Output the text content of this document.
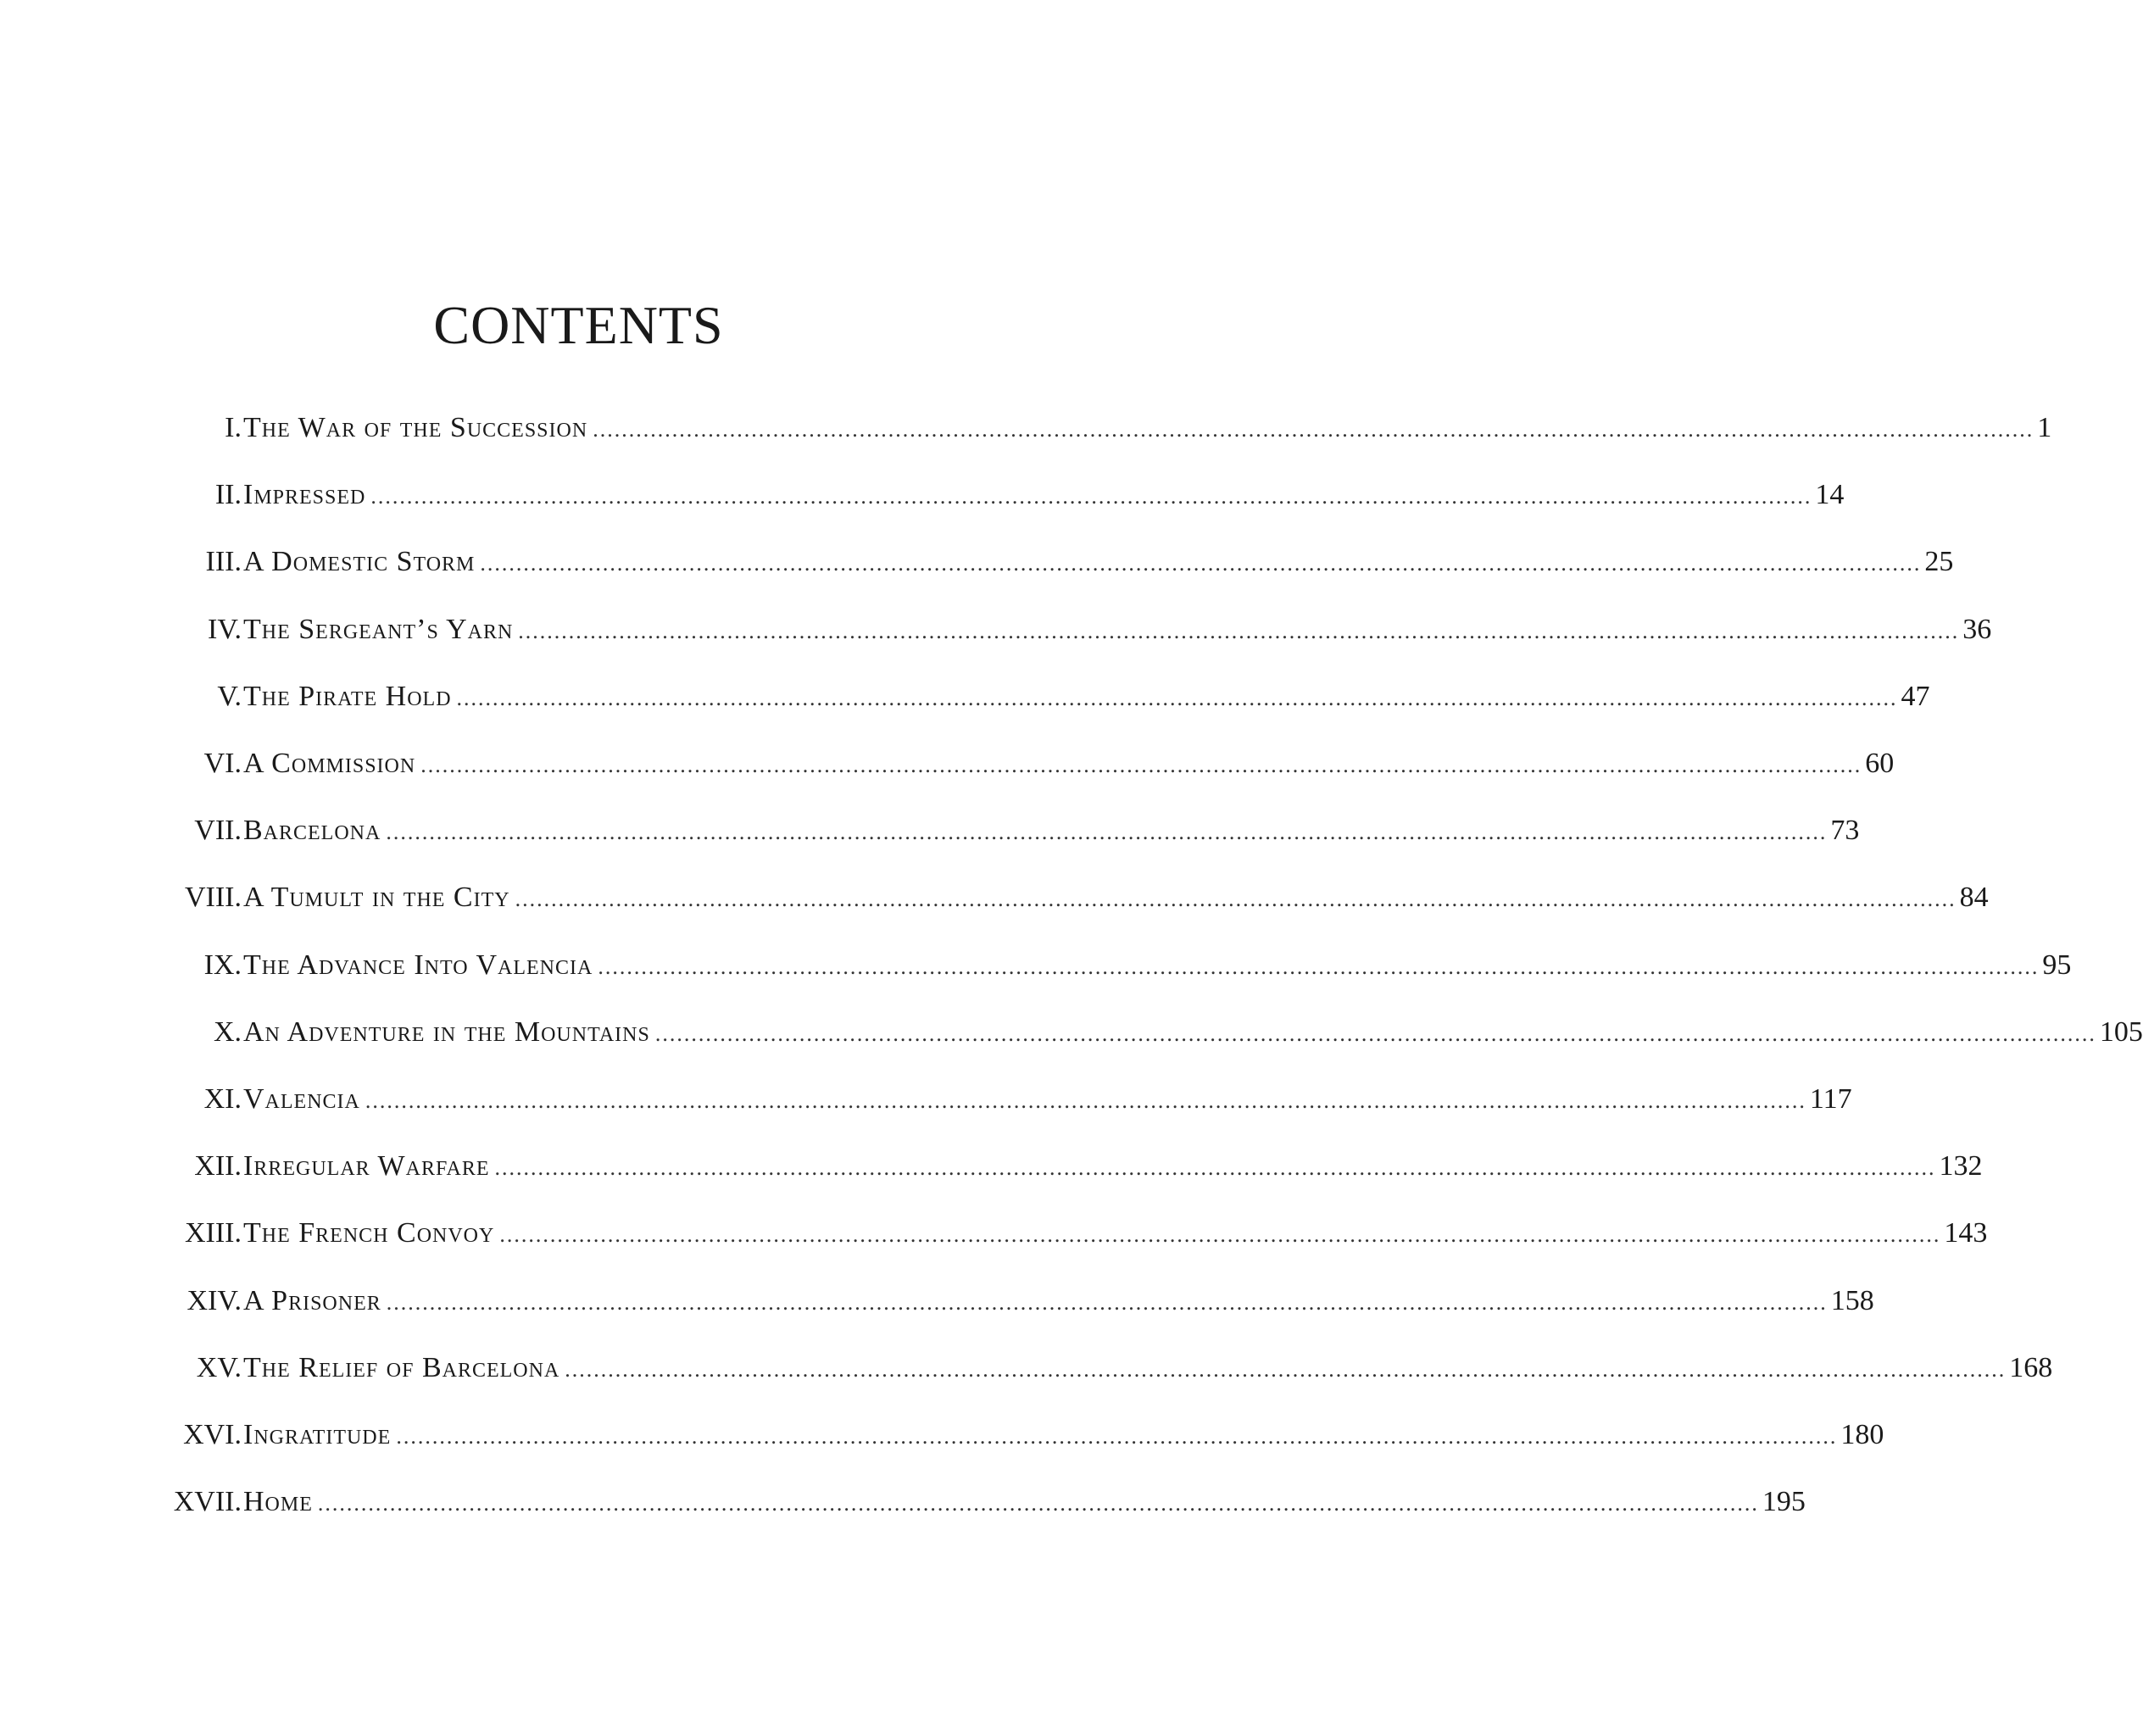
CONTENTS
I. The War of the Succession ........................................................................................................................................................................................................ 1
II. Impressed ........................................................................................................................................................................................................ 14
III. A Domestic Storm ........................................................................................................................................................................................................ 25
IV. The Sergeant’s Yarn ........................................................................................................................................................................................................ 36
V. The Pirate Hold ........................................................................................................................................................................................................ 47
VI. A Commission ........................................................................................................................................................................................................ 60
VII. Barcelona ........................................................................................................................................................................................................ 73
VIII. A Tumult in the City ........................................................................................................................................................................................................ 84
IX. The Advance Into Valencia ........................................................................................................................................................................................................ 95
X. An Adventure in the Mountains ........................................................................................................................................................................................................ 105
XI. Valencia ........................................................................................................................................................................................................ 117
XII. Irregular Warfare ........................................................................................................................................................................................................ 132
XIII. The French Convoy ........................................................................................................................................................................................................ 143
XIV. A Prisoner ........................................................................................................................................................................................................ 158
XV. The Relief of Barcelona ........................................................................................................................................................................................................ 168
XVI. Ingratitude ........................................................................................................................................................................................................ 180
XVII. Home ........................................................................................................................................................................................................ 195
